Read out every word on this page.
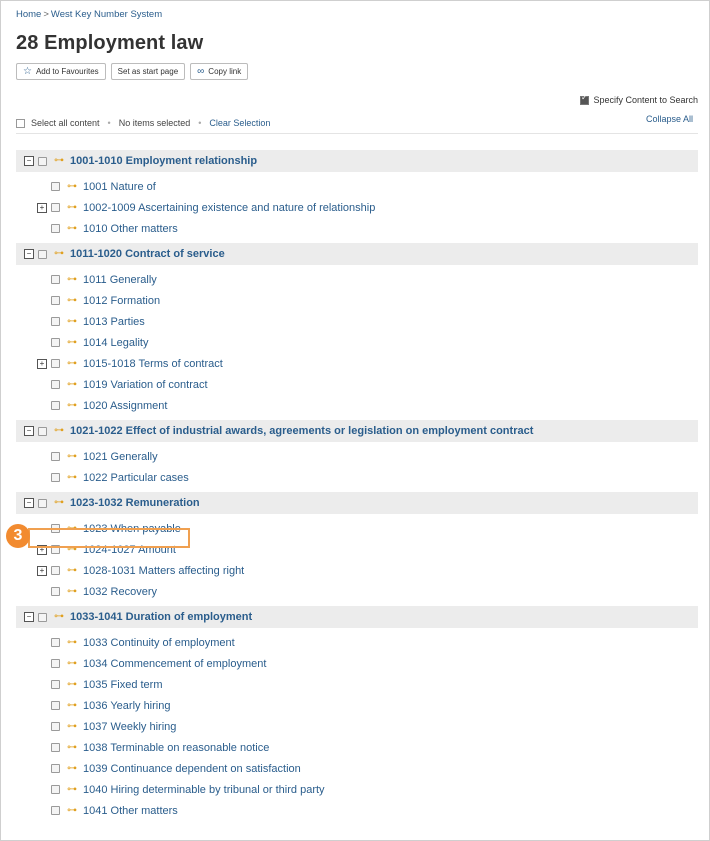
Home > West Key Number System
28 Employment law
☆ Add to Favourites Set as start page ∞ Copy link
✓
Specify Content to Search
Select all content • No items selected • Clear Selection	Collapse All
− ⊶ 1001-1010 Employment relationship
⊶ 1001 Nature of
+ ⊶ 1002-1009 Ascertaining existence and nature of relationship
⊶ 1010 Other matters
− ⊶ 1011-1020 Contract of service
⊶ 1011 Generally
⊶ 1012 Formation
⊶ 1013 Parties
⊶ 1014 Legality
+ ⊶ 1015-1018 Terms of contract
⊶ 1019 Variation of contract
⊶ 1020 Assignment
− ⊶ 1021-1022 Effect of industrial awards, agreements or legislation on employment contract
⊶ 1021 Generally
⊶ 1022 Particular cases
− ⊶ 1023-1032 Remuneration
⊶ 1023 When payable
+ ⊶ 1024-1027 Amount
+ ⊶ 1028-1031 Matters affecting right
⊶ 1032 Recovery
− ⊶ 1033-1041 Duration of employment
⊶ 1033 Continuity of employment
⊶ 1034 Commencement of employment
⊶ 1035 Fixed term
⊶ 1036 Yearly hiring
⊶ 1037 Weekly hiring
⊶ 1038 Terminable on reasonable notice
⊶ 1039 Continuance dependent on satisfaction
⊶ 1040 Hiring determinable by tribunal or third party
⊶ 1041 Other matters
3
